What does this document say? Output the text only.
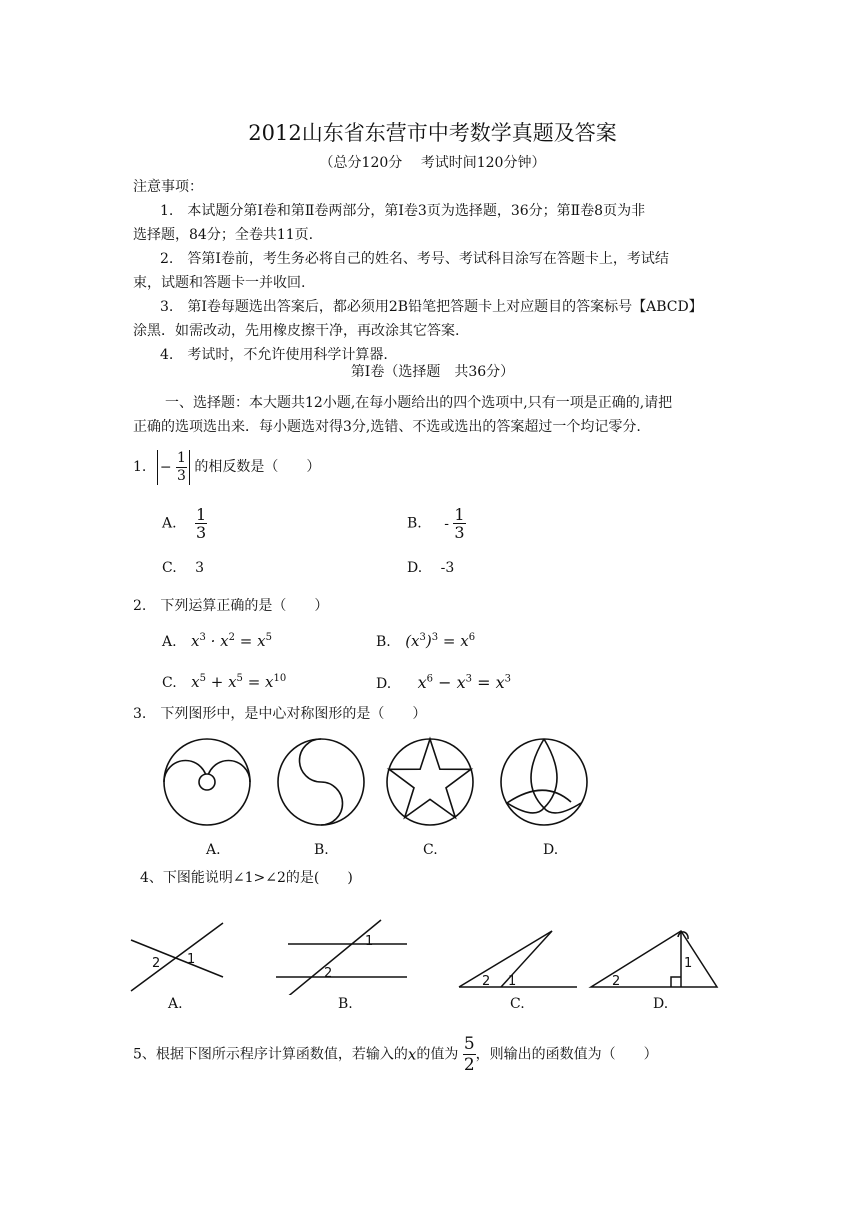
2012山东省东营市中考数学真题及答案
（总分120分　 考试时间120分钟）
注意事项：
1.　本试题分第Ⅰ卷和第Ⅱ卷两部分，第Ⅰ卷3页为选择题，36分；第Ⅱ卷8页为非
选择题，84分；全卷共11页.
2.　答第Ⅰ卷前，考生务必将自己的姓名、考号、考试科目涂写在答题卡上，考试结
束，试题和答题卡一并收回.
3.　第Ⅰ卷每题选出答案后，都必须用2B铅笔把答题卡上对应题目的答案标号【ABCD】
涂黑．如需改动，先用橡皮擦干净，再改涂其它答案.
4.　考试时，不允许使用科学计算器.
第Ⅰ卷（选择题　共36分）
一、选择题：本大题共12小题,在每小题给出的四个选项中,只有一项是正确的,请把
正确的选项选出来．每小题选对得3分,选错、不选或选出的答案超过一个均记零分.
1. − $\frac{1}{3}$ 的相反数是（　　）
A. $\frac{1}{3}$	B. - $\frac{1}{3}$
C.　 3	D.　 -3
2.　下列运算正确的是（　　）
A. $x^3 \cdot x^2 = x^5$	B. $(x^3)^3 = x^6$
C. $x^5 + x^5 = x^{10}$	D. $x^6 - x^3 = x^3$
3.　下列图形中，是中心对称图形的是（　　）
A.	B.	C.	D.
4、下图能说明∠1>∠2的是(　　)
2 1
1
2
2 1	2
1
A.	B.	C.	D.
5、根据下图所示程序计算函数值，若输入的x的值为 $\frac{5}{2}$ ，则输出的函数值为（　　）
